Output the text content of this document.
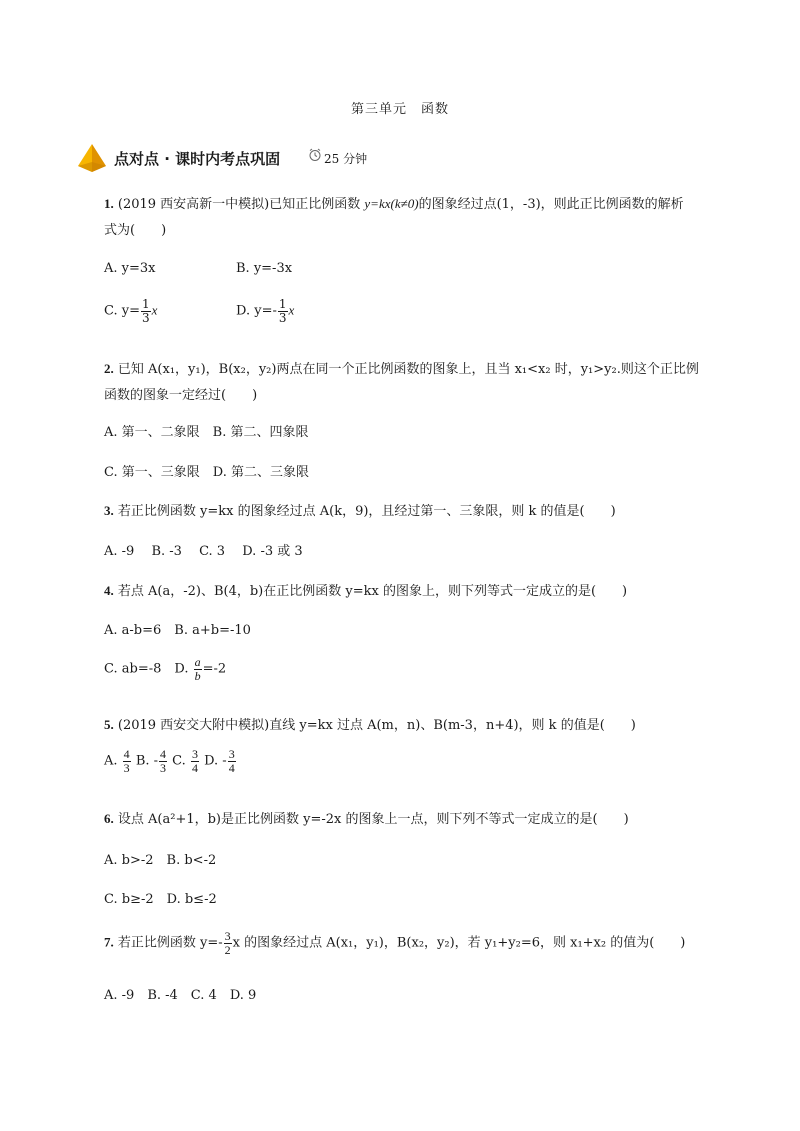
第三单元　函数
点对点 · 课时内考点巩固	25 分钟
1. (2019 西安高新一中模拟)已知正比例函数 y=kx(k≠0)的图象经过点(1，-3)，则此正比例函数的解析
式为(　　)
A. y=3x	B. y=-3x
C. $y= \frac{1}{3}$ x	D. $y=- \frac{1}{3}$ x
2. 已知 A(x₁，y₁)，B(x₂，y₂)两点在同一个正比例函数的图象上，且当 x₁<x₂ 时，y₁>y₂.则这个正比例
函数的图象一定经过(　　)
A. 第一、二象限　B. 第二、四象限
C. 第一、三象限　D. 第二、三象限
3. 若正比例函数 y=kx 的图象经过点 A(k，9)，且经过第一、三象限，则 k 的值是(　　)
A. -9　 B. -3　 C. 3　 D. -3 或 3
4. 若点 A(a，-2)、B(4，b)在正比例函数 y=kx 的图象上，则下列等式一定成立的是(　　)
A. a-b=6　B. a+b=-10
C. ab=-8　D. $\frac{a}{b} =-2$
5. (2019 西安交大附中模拟)直线 y=kx 过点 A(m，n)、B(m-3，n+4)，则 k 的值是(　　)
A. $\frac{4}{3} B$. - $\frac{4}{3} C$. $\frac{3}{4} D$. - $\frac{3}{4}$
6. 设点 A(a²+1，b)是正比例函数 y=-2x 的图象上一点，则下列不等式一定成立的是(　　)
A. b>-2　B. b<-2
C. b≥-2　D. b≤-2
7. 若正比例函数 $y=- \frac{3}{2}$ x 的图象经过点 A(x₁，y₁)，B(x₂，y₂)，若 y₁+y₂=6，则 x₁+x₂ 的值为(　　)
A. -9　B. -4　C. 4　D. 9
